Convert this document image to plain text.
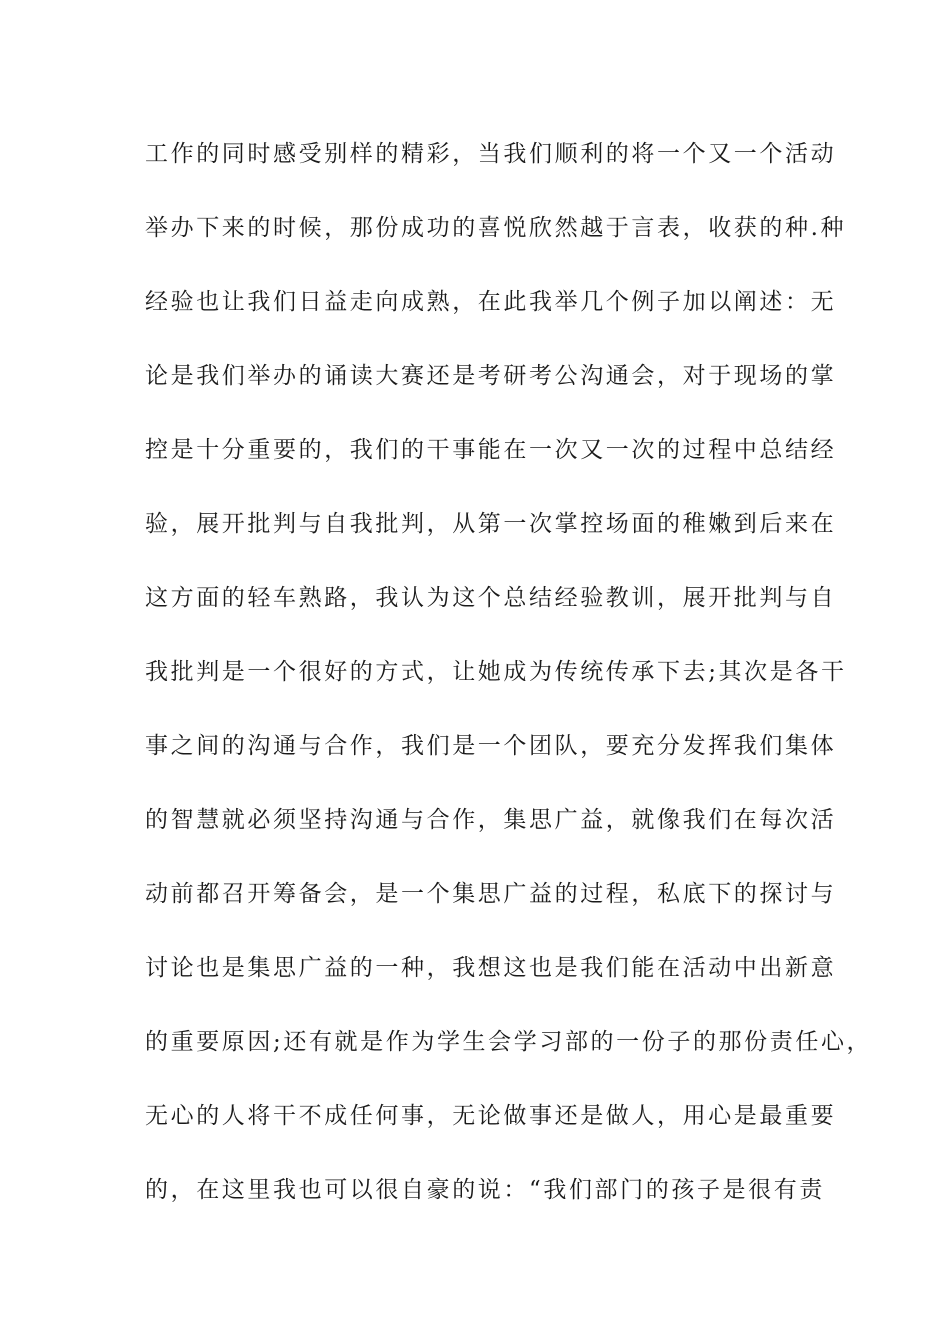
工作的同时感受别样的精彩，当我们顺利的将一个又一个活动
举办下来的时候，那份成功的喜悦欣然越于言表，收获的种.种
经验也让我们日益走向成熟，在此我举几个例子加以阐述：无
论是我们举办的诵读大赛还是考研考公沟通会，对于现场的掌
控是十分重要的，我们的干事能在一次又一次的过程中总结经
验，展开批判与自我批判，从第一次掌控场面的稚嫩到后来在
这方面的轻车熟路，我认为这个总结经验教训，展开批判与自
我批判是一个很好的方式，让她成为传统传承下去;其次是各干
事之间的沟通与合作，我们是一个团队，要充分发挥我们集体
的智慧就必须坚持沟通与合作，集思广益，就像我们在每次活
动前都召开筹备会，是一个集思广益的过程，私底下的探讨与
讨论也是集思广益的一种，我想这也是我们能在活动中出新意
的重要原因;还有就是作为学生会学习部的一份子的那份责任心，
无心的人将干不成任何事，无论做事还是做人，用心是最重要
的，在这里我也可以很自豪的说：“我们部门的孩子是很有责
